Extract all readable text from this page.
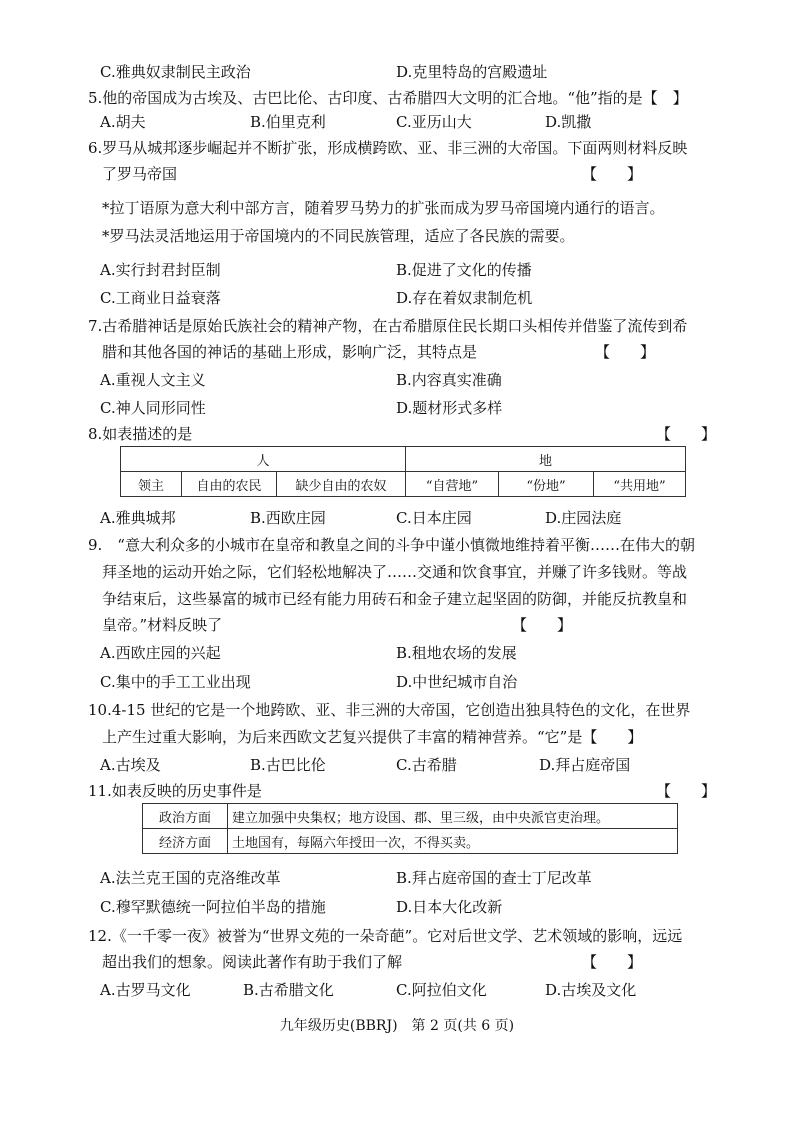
C.雅典奴隶制民主政治	D.克里特岛的宫殿遗址
5.他的帝国成为古埃及、古巴比伦、古印度、古希腊四大文明的汇合地。“他”指的是【　】
A.胡夫	B.伯里克利	C.亚历山大	D.凯撒
6.罗马从城邦逐步崛起并不断扩张，形成横跨欧、亚、非三洲的大帝国。下面两则材料反映
了罗马帝国	【　　】
*拉丁语原为意大利中部方言，随着罗马势力的扩张而成为罗马帝国境内通行的语言。
*罗马法灵活地运用于帝国境内的不同民族管理，适应了各民族的需要。
A.实行封君封臣制	B.促进了文化的传播
C.工商业日益衰落	D.存在着奴隶制危机
7.古希腊神话是原始氏族社会的精神产物，在古希腊原住民长期口头相传并借鉴了流传到希
腊和其他各国的神话的基础上形成，影响广泛，其特点是	【　　】
A.重视人文主义	B.内容真实准确
C.神人同形同性	D.题材形式多样
8.如表描述的是	【　　】
人			地		
领主	自由的农民	缺少自由的农奴	“自营地”	“份地”	“共用地”
A.雅典城邦	B.西欧庄园	C.日本庄园	D.庄园法庭
9.　“意大利众多的小城市在皇帝和教皇之间的斗争中谨小慎微地维持着平衡……在伟大的朝
拜圣地的运动开始之际，它们轻松地解决了……交通和饮食事宜，并赚了许多钱财。等战
争结束后，这些暴富的城市已经有能力用砖石和金子建立起坚固的防御，并能反抗教皇和
皇帝。”材料反映了	【　　】
A.西欧庄园的兴起	B.租地农场的发展
C.集中的手工工业出现	D.中世纪城市自治
10.4-15 世纪的它是一个地跨欧、亚、非三洲的大帝国，它创造出独具特色的文化，在世界
上产生过重大影响，为后来西欧文艺复兴提供了丰富的精神营养。“它”是【　　】
A.古埃及	B.古巴比伦	C.古希腊	D.拜占庭帝国
11.如表反映的历史事件是	【　　】
政治方面	建立加强中央集权；地方设国、郡、里三级，由中央派官吏治理。
经济方面	土地国有，每隔六年授田一次，不得买卖。
A.法兰克王国的克洛维改革	B.拜占庭帝国的查士丁尼改革
C.穆罕默德统一阿拉伯半岛的措施	D.日本大化改新
12.《一千零一夜》被誉为“世界文苑的一朵奇葩”。它对后世文学、艺术领域的影响，远远
超出我们的想象。阅读此著作有助于我们了解	【　　】
A.古罗马文化	B.古希腊文化	C.阿拉伯文化	D.古埃及文化
九年级历史(BBRJ)　第 2 页(共 6 页)
